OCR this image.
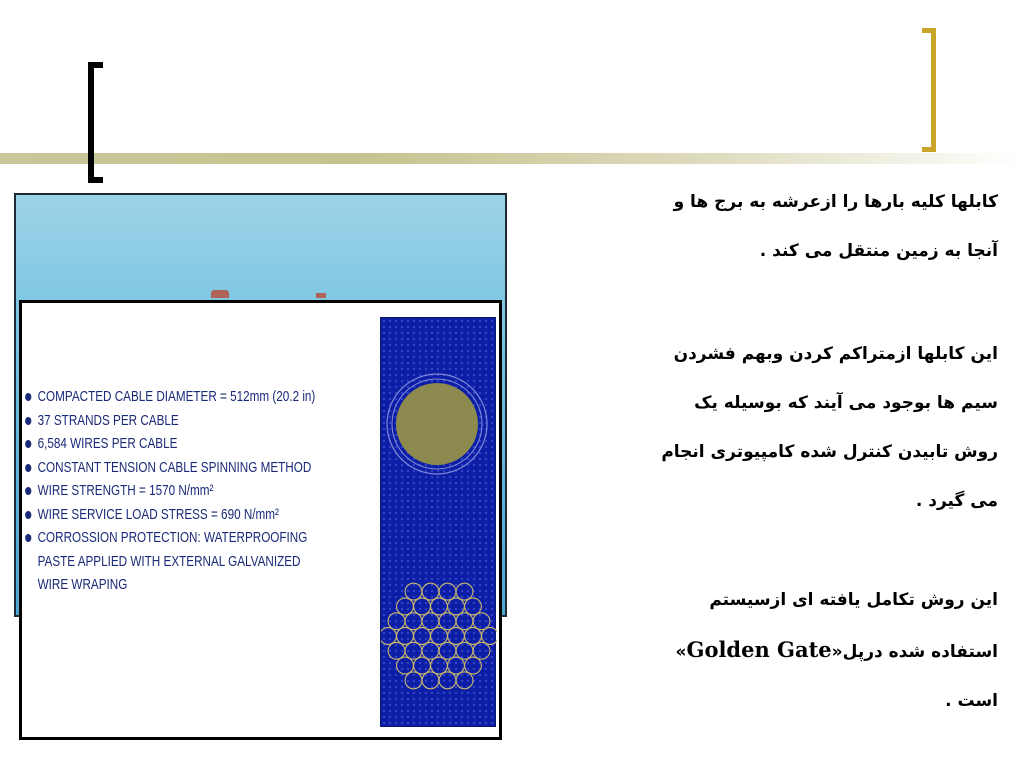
COMPACTED CABLE DIAMETER = 512mm (20.2 in)
37 STRANDS PER CABLE
6,584 WIRES PER CABLE
CONSTANT TENSION CABLE SPINNING METHOD
WIRE STRENGTH = 1570 N/mm²
WIRE SERVICE LOAD STRESS = 690 N/mm²
CORROSSION PROTECTION: WATERPROOFING
PASTE APPLIED WITH EXTERNAL GALVANIZED
WIRE WRAPING

کابلها کلیه بارها را ازعرشه به برج ها و

آنجا به زمین منتقل می کند .

این کابلها ازمتراکم کردن وبهم فشردن

سیم ها بوجود می آیند که بوسیله یک

روش تابیدن کنترل شده کامپیوتری انجام

می گیرد .

این روش تکامل یافته ای ازسیستم

استفاده شده درپل«Golden Gate»

است .
